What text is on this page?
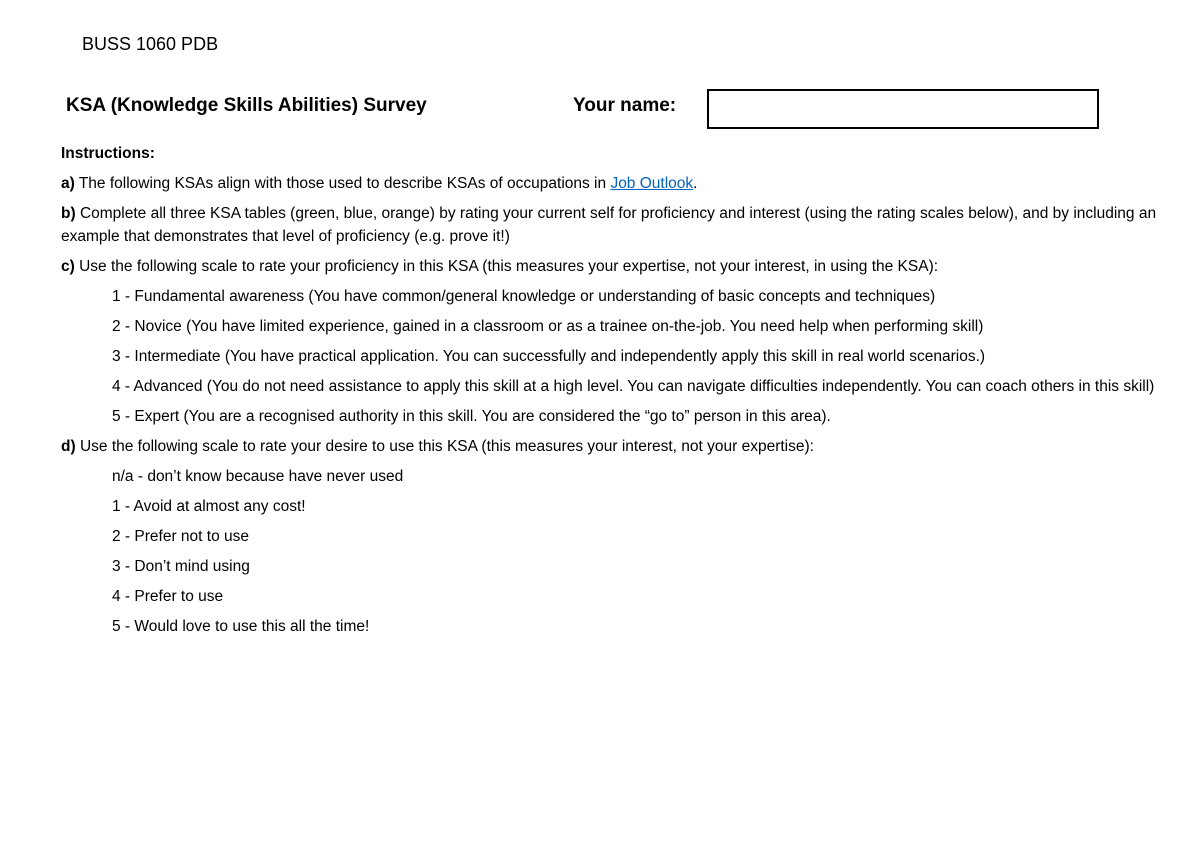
BUSS 1060 PDB
KSA (Knowledge Skills Abilities) Survey	Your name:

Instructions:

a) The following KSAs align with those used to describe KSAs of occupations in Job Outlook.

b) Complete all three KSA tables (green, blue, orange) by rating your current self for proficiency and interest (using the rating scales below), and by including an example that demonstrates that level of proficiency (e.g. prove it!)

c) Use the following scale to rate your proficiency in this KSA (this measures your expertise, not your interest, in using the KSA):

1 - Fundamental awareness (You have common/general knowledge or understanding of basic concepts and techniques)

2 - Novice (You have limited experience, gained in a classroom or as a trainee on-the-job. You need help when performing skill)

3 - Intermediate (You have practical application. You can successfully and independently apply this skill in real world scenarios.)

4 - Advanced (You do not need assistance to apply this skill at a high level. You can navigate difficulties independently. You can coach others in this skill)

5 - Expert (You are a recognised authority in this skill. You are considered the “go to” person in this area).

d) Use the following scale to rate your desire to use this KSA (this measures your interest, not your expertise):

n/a - don’t know because have never used

1 - Avoid at almost any cost!

2 - Prefer not to use

3 - Don’t mind using

4 - Prefer to use

5 - Would love to use this all the time!
